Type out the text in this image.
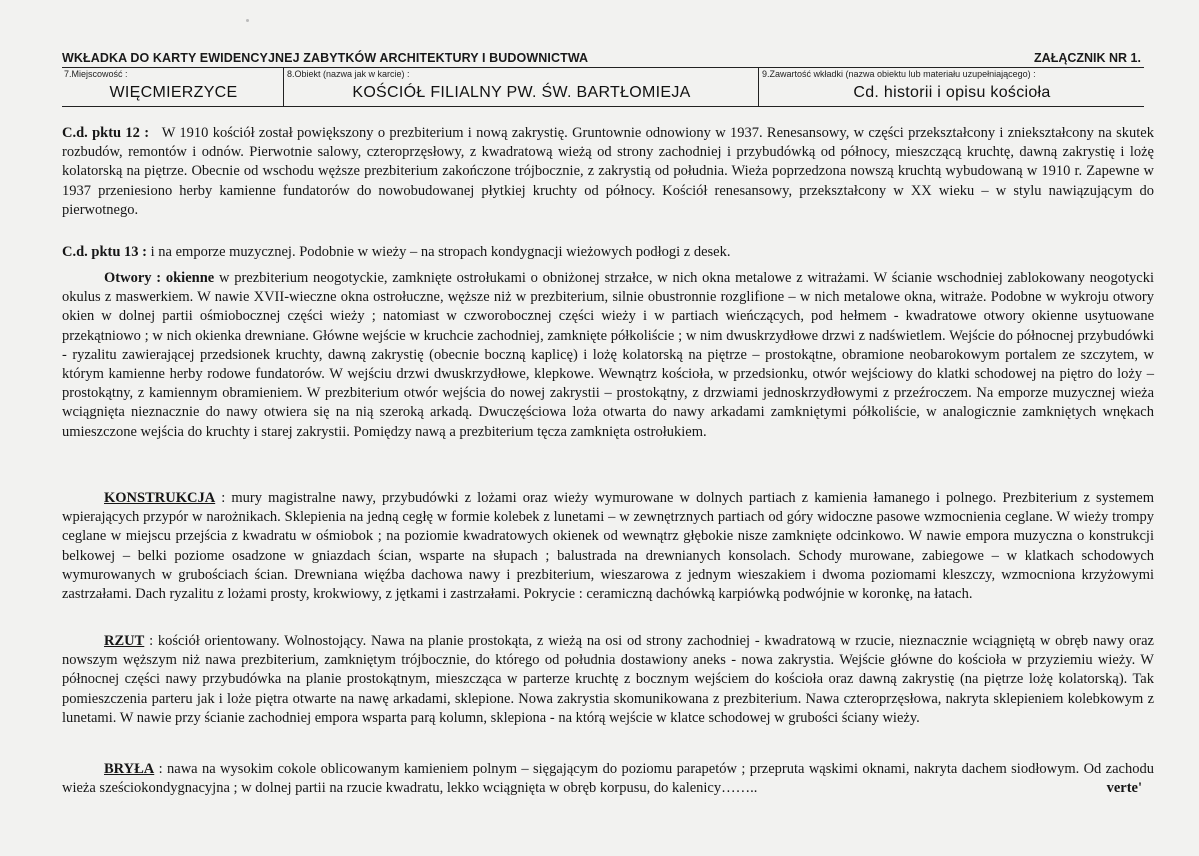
WKŁADKA DO KARTY EWIDENCYJNEJ ZABYTKÓW ARCHITEKTURY I BUDOWNICTWA	ZAŁĄCZNIK NR 1.
7.Miejscowość :
WIĘCMIERZYCE
8.Obiekt (nazwa jak w karcie) :
KOŚCIÓŁ FILIALNY PW. ŚW. BARTŁOMIEJA
9.Zawartość wkładki (nazwa obiektu lub materiału uzupełniającego) :
Cd. historii i opisu kościoła

C.d. pktu 12 : W 1910 kościół został powiększony o prezbiterium i nową zakrystię. Gruntownie odnowiony w 1937. Renesansowy, w części przekształcony i zniekształcony na skutek rozbudów, remontów i odnów. Pierwotnie salowy, czteroprzęsłowy, z kwadratową wieżą od strony zachodniej i przybudówką od północy, mieszczącą kruchtę, dawną zakrystię i lożę kolatorską na piętrze. Obecnie od wschodu węższe prezbiterium zakończone trójbocznie, z zakrystią od południa. Wieża poprzedzona nowszą kruchtą wybudowaną w 1910 r. Zapewne w 1937 przeniesiono herby kamienne fundatorów do nowobudowanej płytkiej kruchty od północy. Kościół renesansowy, przekształcony w XX wieku – w stylu nawiązującym do pierwotnego.

C.d. pktu 13 : i na emporze muzycznej. Podobnie w wieży – na stropach kondygnacji wieżowych podłogi z desek.

Otwory : okienne w prezbiterium neogotyckie, zamknięte ostrołukami o obniżonej strzałce, w nich okna metalowe z witrażami. W ścianie wschodniej zablokowany neogotycki okulus z maswerkiem. W nawie XVII-wieczne okna ostrołuczne, węższe niż w prezbiterium, silnie obustronnie rozglifione – w nich metalowe okna, witraże. Podobne w wykroju otwory okien w dolnej partii ośmiobocznej części wieży ; natomiast w czworobocznej części wieży i w partiach wieńczących, pod hełmem - kwadratowe otwory okienne usytuowane przekątniowo ; w nich okienka drewniane. Główne wejście w kruchcie zachodniej, zamknięte półkoliście ; w nim dwuskrzydłowe drzwi z nadświetlem. Wejście do północnej przybudówki - ryzalitu zawierającej przedsionek kruchty, dawną zakrystię (obecnie boczną kaplicę) i lożę kolatorską na piętrze – prostokątne, obramione neobarokowym portalem ze szczytem, w którym kamienne herby rodowe fundatorów. W wejściu drzwi dwuskrzydłowe, klepkowe. Wewnątrz kościoła, w przedsionku, otwór wejściowy do klatki schodowej na piętro do loży – prostokątny, z kamiennym obramieniem. W prezbiterium otwór wejścia do nowej zakrystii – prostokątny, z drzwiami jednoskrzydłowymi z przeźroczem. Na emporze muzycznej wieża wciągnięta nieznacznie do nawy otwiera się na nią szeroką arkadą. Dwuczęściowa loża otwarta do nawy arkadami zamkniętymi półkoliście, w analogicznie zamkniętych wnękach umieszczone wejścia do kruchty i starej zakrystii. Pomiędzy nawą a prezbiterium tęcza zamknięta ostrołukiem.

KONSTRUKCJA : mury magistralne nawy, przybudówki z lożami oraz wieży wymurowane w dolnych partiach z kamienia łamanego i polnego. Prezbiterium z systemem wpierających przypór w narożnikach. Sklepienia na jedną cegłę w formie kolebek z lunetami – w zewnętrznych partiach od góry widoczne pasowe wzmocnienia ceglane. W wieży trompy ceglane w miejscu przejścia z kwadratu w ośmiobok ; na poziomie kwadratowych okienek od wewnątrz głębokie nisze zamknięte odcinkowo. W nawie empora muzyczna o konstrukcji belkowej – belki poziome osadzone w gniazdach ścian, wsparte na słupach ; balustrada na drewnianych konsolach. Schody murowane, zabiegowe – w klatkach schodowych wymurowanych w grubościach ścian. Drewniana więźba dachowa nawy i prezbiterium, wieszarowa z jednym wieszakiem i dwoma poziomami kleszczy, wzmocniona krzyżowymi zastrzałami. Dach ryzalitu z lożami prosty, krokwiowy, z jętkami i zastrzałami. Pokrycie : ceramiczną dachówką karpiówką podwójnie w koronkę, na łatach.

RZUT : kościół orientowany. Wolnostojący. Nawa na planie prostokąta, z wieżą na osi od strony zachodniej - kwadratową w rzucie, nieznacznie wciągniętą w obręb nawy oraz nowszym węższym niż nawa prezbiterium, zamkniętym trójbocznie, do którego od południa dostawiony aneks - nowa zakrystia. Wejście główne do kościoła w przyziemiu wieży. W północnej części nawy przybudówka na planie prostokątnym, mieszcząca w parterze kruchtę z bocznym wejściem do kościoła oraz dawną zakrystię (na piętrze lożę kolatorską). Tak pomieszczenia parteru jak i loże piętra otwarte na nawę arkadami, sklepione. Nowa zakrystia skomunikowana z prezbiterium. Nawa czteroprzęsłowa, nakryta sklepieniem kolebkowym z lunetami. W nawie przy ścianie zachodniej empora wsparta parą kolumn, sklepiona - na którą wejście w klatce schodowej w grubości ściany wieży.

BRYŁA : nawa na wysokim cokole oblicowanym kamieniem polnym – sięgającym do poziomu parapetów ; przepruta wąskimi oknami, nakryta dachem siodłowym. Od zachodu wieża sześciokondygnacyjna ; w dolnej partii na rzucie kwadratu, lekko wciągnięta w obręb korpusu, do kalenicy……..	verte'
